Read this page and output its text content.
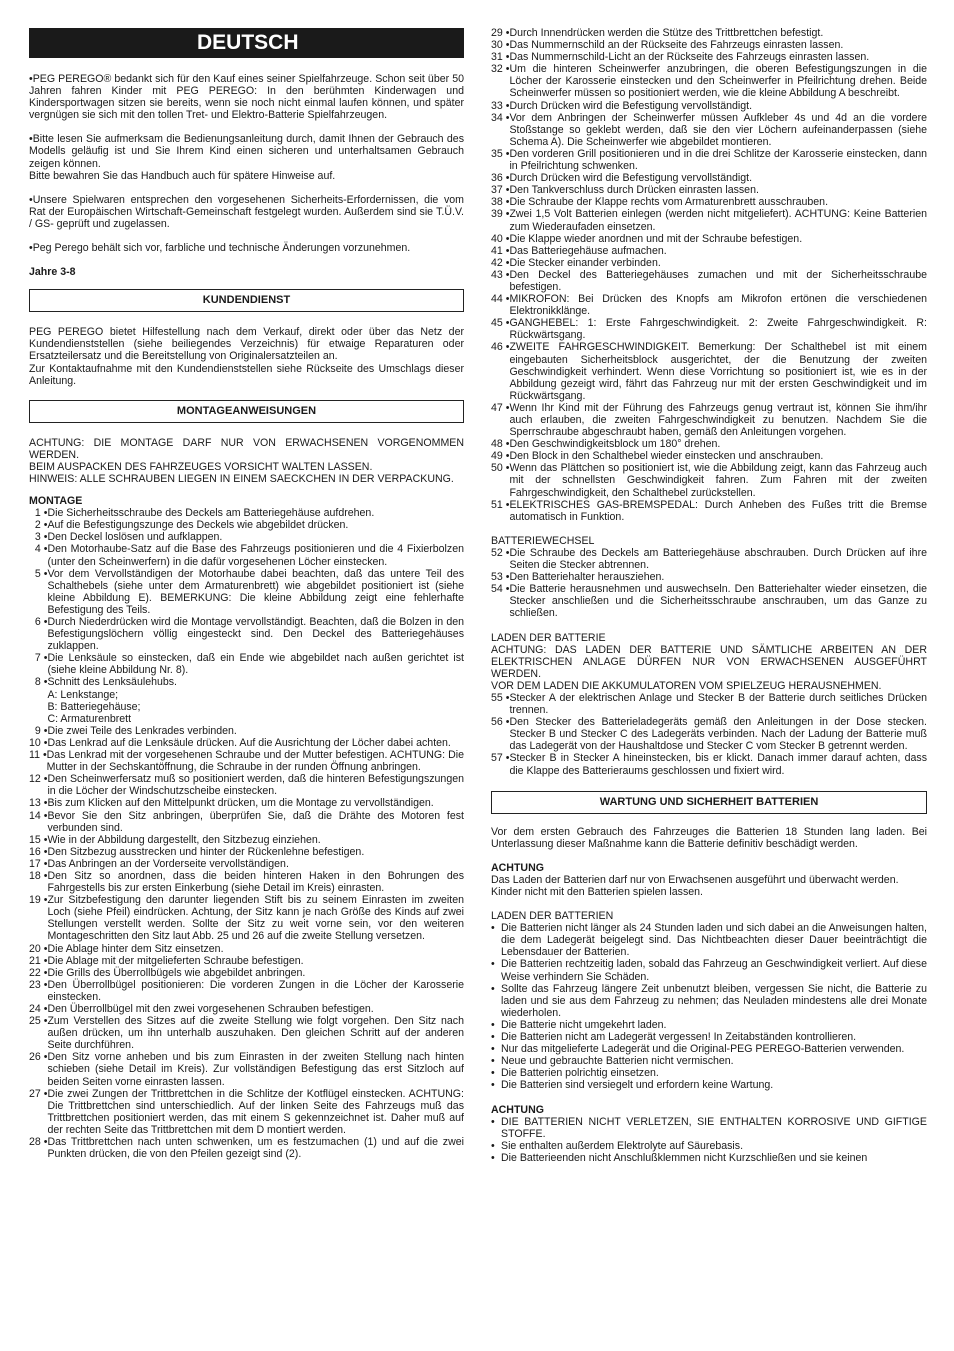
DEUTSCH

•PEG PEREGO® bedankt sich für den Kauf eines seiner Spielfahrzeuge. Schon seit über 50 Jahren fahren Kinder mit PEG PEREGO: In den berühmten Kinderwagen und Kindersportwagen sitzen sie bereits, wenn sie noch nicht einmal laufen können, und später vergnügen sie sich mit den tollen Tret- und Elektro-Batterie Spielfahrzeugen.

•Bitte lesen Sie aufmerksam die Bedienungsanleitung durch, damit Ihnen der Gebrauch des Modells geläufig ist und Sie Ihrem Kind einen sicheren und unterhaltsamen Gebrauch zeigen können.

Bitte bewahren Sie das Handbuch auch für spätere Hinweise auf.

•Unsere Spielwaren entsprechen den vorgesehenen Sicherheits-Erfordernissen, die vom Rat der Europäischen Wirtschaft-Gemeinschaft festgelegt wurden. Außerdem sind sie T.Ü.V. / GS- geprüft und zugelassen.

•Peg Perego behält sich vor, farbliche und technische Änderungen vorzunehmen.

Jahre 3-8

KUNDENDIENST

PEG PEREGO bietet Hilfestellung nach dem Verkauf, direkt oder über das Netz der Kundendienststellen (siehe beiliegendes Verzeichnis) für etwaige Reparaturen oder Ersatzteilersatz und die Bereitstellung von Originalersatzteilen an.

Zur Kontaktaufnahme mit den Kundendienststellen siehe Rückseite des Umschlags dieser Anleitung.

MONTAGEANWEISUNGEN

ACHTUNG: DIE MONTAGE DARF NUR VON ERWACHSENEN VORGENOMMEN WERDEN.

BEIM AUSPACKEN DES FAHRZEUGES VORSICHT WALTEN LASSEN.

HINWEIS: ALLE SCHRAUBEN LIEGEN IN EINEM SAECKCHEN IN DER VERPACKUNG.

MONTAGE

1 • Die Sicherheitsschraube des Deckels am Batteriegehäuse aufdrehen.
2 • Auf die Befestigungszunge des Deckels wie abgebildet drücken.
3 • Den Deckel loslösen und aufklappen.
4 • Den Motorhaube-Satz auf die Base des Fahrzeugs positionieren und die 4 Fixierbolzen (unter den Scheinwerfern) in die dafür vorgesehenen Löcher einstecken.
5 • Vor dem Vervollständigen der Motorhaube dabei beachten, daß das untere Teil des Schalthebels (siehe unter dem Armaturenbrett) wie abgebildet positioniert ist (siehe kleine Abbildung E). BEMERKUNG: Die kleine Abbildung zeigt eine fehlerhafte Befestigung des Teils.
6 • Durch Niederdrücken wird die Montage vervollständigt. Beachten, daß die Bolzen in den Befestigungslöchern völlig eingesteckt sind. Den Deckel des Batteriegehäuses zuklappen.
7 • Die Lenksäule so einstecken, daß ein Ende wie abgebildet nach außen gerichtet ist (siehe kleine Abbildung Nr. 8).
8 • Schnitt des Lenksäulehubs.
A: Lenkstange;
B: Batteriegehäuse;
C: Armaturenbrett
9 • Die zwei Teile des Lenkrades verbinden.
10 • Das Lenkrad auf die Lenksäule drücken. Auf die Ausrichtung der Löcher dabei achten.
11 • Das Lenkrad mit der vorgesehenen Schraube und der Mutter befestigen. ACHTUNG: Die Mutter in der Sechskantöffnung, die Schraube in der runden Öffnung anbringen.
12 • Den Scheinwerfersatz muß so positioniert werden, daß die hinteren Befestigungszungen in die Löcher der Windschutzscheibe einstecken.
13 • Bis zum Klicken auf den Mittelpunkt drücken, um die Montage zu vervollständigen.
14 • Bevor Sie den Sitz anbringen, überprüfen Sie, daß die Drähte des Motoren fest verbunden sind.
15 • Wie in der Abbildung dargestellt, den Sitzbezug einziehen.
16 • Den Sitzbezug ausstrecken und hinter der Rückenlehne befestigen.
17 • Das Anbringen an der Vorderseite vervollständigen.
18 • Den Sitz so anordnen, dass die beiden hinteren Haken in den Bohrungen des Fahrgestells bis zur ersten Einkerbung (siehe Detail im Kreis) einrasten.
19 • Zur Sitzbefestigung den darunter liegenden Stift bis zu seinem Einrasten im zweiten Loch (siehe Pfeil) eindrücken. Achtung, der Sitz kann je nach Größe des Kinds auf zwei Stellungen verstellt werden. Sollte der Sitz zu weit vorne sein, vor den weiteren Montageschritten den Sitz laut Abb. 25 und 26 auf die zweite Stellung versetzen.
20 • Die Ablage hinter dem Sitz einsetzen.
21 • Die Ablage mit der mitgelieferten Schraube befestigen.
22 • Die Grills des Überrollbügels wie abgebildet anbringen.
23 • Den Überrollbügel positionieren: Die vorderen Zungen in die Löcher der Karosserie einstecken.
24 • Den Überrollbügel mit den zwei vorgesehenen Schrauben befestigen.
25 • Zum Verstellen des Sitzes auf die zweite Stellung wie folgt vorgehen. Den Sitz nach außen drücken, um ihn unterhalb auszuhaken. Den gleichen Schritt auf der anderen Seite durchführen.
26 • Den Sitz vorne anheben und bis zum Einrasten in der zweiten Stellung nach hinten schieben (siehe Detail im Kreis). Zur vollständigen Befestigung das erst Sitzloch auf beiden Seiten vorne einrasten lassen.
27 • Die zwei Zungen der Trittbrettchen in die Schlitze der Kotflügel einstecken. ACHTUNG: Die Trittbrettchen sind unterschiedlich. Auf der linken Seite des Fahrzeugs muß das Trittbrettchen positioniert werden, das mit einem S gekennzeichnet ist. Daher muß auf der rechten Seite das Trittbrettchen mit dem D montiert werden.
28 • Das Trittbrettchen nach unten schwenken, um es festzumachen (1) und auf die zwei Punkten drücken, die von den Pfeilen gezeigt sind (2).
29 • Durch Innendrücken werden die Stütze des Trittbrettchen befestigt.
30 • Das Nummernschild an der Rückseite des Fahrzeugs einrasten lassen.
31 • Das Nummernschild-Licht an der Rückseite des Fahrzeugs einrasten lassen.
32 • Um die hinteren Scheinwerfer anzubringen, die oberen Befestigungszungen in die Löcher der Karosserie einstecken und den Scheinwerfer in Pfeilrichtung drehen. Beide Scheinwerfer müssen so positioniert werden, wie die kleine Abbildung A beschreibt.
33 • Durch Drücken wird die Befestigung vervollständigt.
34 • Vor dem Anbringen der Scheinwerfer müssen Aufkleber 4s und 4d an die vordere Stoßstange so geklebt werden, daß sie den vier Löchern aufeinanderpassen (siehe Schema A). Die Scheinwerfer wie abgebildet montieren.
35 • Den vorderen Grill positionieren und in die drei Schlitze der Karosserie einstecken, dann in Pfeilrichtung schwenken.
36 • Durch Drücken wird die Befestigung vervollständigt.
37 • Den Tankverschluss durch Drücken einrasten lassen.
38 • Die Schraube der Klappe rechts vom Armaturenbrett ausschrauben.
39 • Zwei 1,5 Volt Batterien einlegen (werden nicht mitgeliefert). ACHTUNG: Keine Batterien zum Wiederaufaden einsetzen.
40 • Die Klappe wieder anordnen und mit der Schraube befestigen.
41 • Das Batteriegehäuse aufmachen.
42 • Die Stecker einander verbinden.
43 • Den Deckel des Batteriegehäuses zumachen und mit der Sicherheitsschraube befestigen.
44 • MIKROFON: Bei Drücken des Knopfs am Mikrofon ertönen die verschiedenen Elektronikklänge.
45 • GANGHEBEL: 1: Erste Fahrgeschwindigkeit. 2: Zweite Fahrgeschwindigkeit. R: Rückwärtsgang.
46 • ZWEITE FAHRGESCHWINDIGKEIT. Bemerkung: Der Schalthebel ist mit einem eingebauten Sicherheitsblock ausgerichtet, der die Benutzung der zweiten Geschwindigkeit verhindert. Wenn diese Vorrichtung so positioniert ist, wie es in der Abbildung gezeigt wird, fährt das Fahrzeug nur mit der ersten Geschwindigkeit und im Rückwärtsgang.
47 • Wenn Ihr Kind mit der Führung des Fahrzeugs genug vertraut ist, können Sie ihm/ihr auch erlauben, die zweiten Fahrgeschwindigkeit zu benutzen. Nachdem Sie die Sperrschraube abgeschraubt haben, gemäß den Anleitungen vorgehen.
48 • Den Geschwindigkeitsblock um 180° drehen.
49 • Den Block in den Schalthebel wieder einstecken und anschrauben.
50 • Wenn das Plättchen so positioniert ist, wie die Abbildung zeigt, kann das Fahrzeug auch mit der schnellsten Geschwindigkeit fahren. Zum Fahren mit der zweiten Fahrgeschwindigkeit, den Schalthebel zurückstellen.
51 • ELEKTRISCHES GAS-BREMSPEDAL: Durch Anheben des Fußes tritt die Bremse automatisch in Funktion.

BATTERIEWECHSEL

52 • Die Schraube des Deckels am Batteriegehäuse abschrauben. Durch Drücken auf ihre Seiten die Stecker abtrennen.
53 • Den Batteriehalter herausziehen.
54 • Die Batterie herausnehmen und auswechseln. Den Batteriehalter wieder einsetzen, die Stecker anschließen und die Sicherheitsschraube anschrauben, um das Ganze zu schließen.

LADEN DER BATTERIE

ACHTUNG: DAS LADEN DER BATTERIE UND SÄMTLICHE ARBEITEN AN DER ELEKTRISCHEN ANLAGE DÜRFEN NUR VON ERWACHSENEN AUSGEFÜHRT WERDEN.

VOR DEM LADEN DIE AKKUMULATOREN VOM SPIELZEUG HERAUSNEHMEN.

55 • Stecker A der elektrischen Anlage und Stecker B der Batterie durch seitliches Drücken trennen.
56 • Den Stecker des Batterieladegeräts gemäß den Anleitungen in der Dose stecken. Stecker B und Stecker C des Ladegeräts verbinden. Nach der Ladung der Batterie muß das Ladegerät von der Haushaltdose und Stecker C vom Stecker B getrennt werden.
57 • Stecker B in Stecker A hineinstecken, bis er klickt. Danach immer darauf achten, dass die Klappe des Batterieraums geschlossen und fixiert wird.
WARTUNG UND SICHERHEIT BATTERIEN

Vor dem ersten Gebrauch des Fahrzeuges die Batterien 18 Stunden lang laden. Bei Unterlassung dieser Maßnahme kann die Batterie definitiv beschädigt werden.

ACHTUNG

Das Laden der Batterien darf nur von Erwachsenen ausgeführt und überwacht werden.

Kinder nicht mit den Batterien spielen lassen.

LADEN DER BATTERIEN

• Die Batterien nicht länger als 24 Stunden laden und sich dabei an die Anweisungen halten, die dem Ladegerät beigelegt sind. Das Nichtbeachten dieser Dauer beeinträchtigt die Lebensdauer der Batterien.
• Die Batterien rechtzeitig laden, sobald das Fahrzeug an Geschwindigkeit verliert. Auf diese Weise verhindern Sie Schäden.
• Sollte das Fahrzeug längere Zeit unbenutzt bleiben, vergessen Sie nicht, die Batterie zu laden und sie aus dem Fahrzeug zu nehmen; das Neuladen mindestens alle drei Monate wiederholen.
• Die Batterie nicht umgekehrt laden.
• Die Batterien nicht am Ladegerät vergessen! In Zeitabständen kontrollieren.
• Nur das mitgelieferte Ladegerät und die Original-PEG PEREGO-Batterien verwenden.
• Neue und gebrauchte Batterien nicht vermischen.
• Die Batterien polrichtig einsetzen.
• Die Batterien sind versiegelt und erfordern keine Wartung.

ACHTUNG

• DIE BATTERIEN NICHT VERLETZEN, SIE ENTHALTEN KORROSIVE UND GIFTIGE STOFFE.
• Sie enthalten außerdem Elektrolyte auf Säurebasis.
• Die Batterieenden nicht Anschlußklemmen nicht Kurzschließen und sie keinen
